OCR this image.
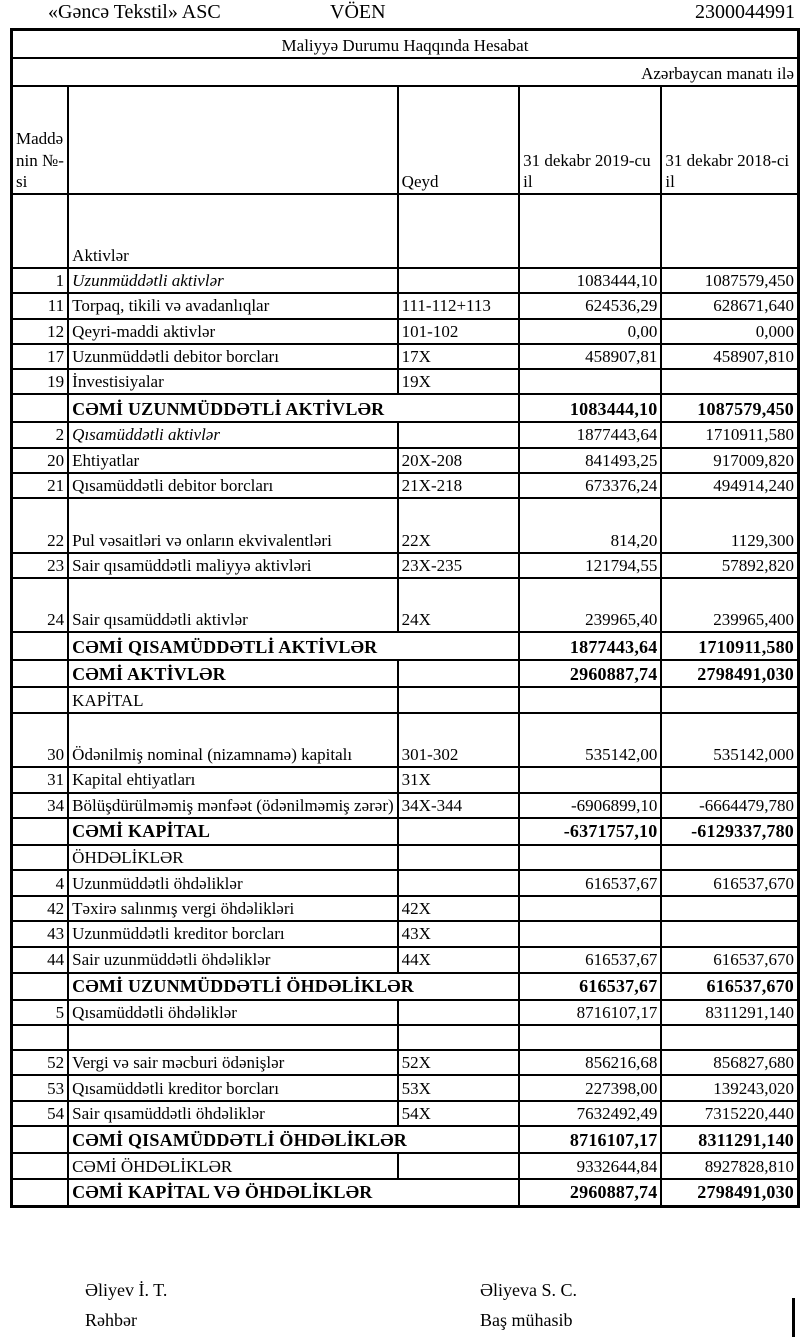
«Gəncə Tekstil» ASC	VÖEN	2300044991
Maliyyə Durumu Haqqında Hesabat				
Azərbaycan manatı ilə				
Maddənin №-si		Qeyd	31 dekabr 2019-cu il	31 dekabr 2018-ci il

	Aktivlər			

1	Uzunmüddətli aktivlər		1083444,10	1087579,450

11	Torpaq, tikili və avadanlıqlar	111-112+113	624536,29	628671,640

12	Qeyri-maddi aktivlər	101-102	0,00	0,000

17	Uzunmüddətli debitor borcları	17X	458907,81	458907,810

19	İnvestisiyalar	19X		

	CƏMİ UZUNMÜDDƏTLİ AKTİVLƏR		1083444,10	1087579,450

2	Qısamüddətli aktivlər		1877443,64	1710911,580

20	Ehtiyatlar	20X-208	841493,25	917009,820

21	Qısamüddətli debitor borcları	21X-218	673376,24	494914,240

22	Pul vəsaitləri və onların ekvivalentləri	22X	814,20	1129,300

23	Sair qısamüddətli maliyyə aktivləri	23X-235	121794,55	57892,820

24	Sair qısamüddətli aktivlər	24X	239965,40	239965,400

	CƏMİ QISAMÜDDƏTLİ AKTİVLƏR		1877443,64	1710911,580

	CƏMİ AKTİVLƏR		2960887,74	2798491,030

	KAPİTAL			

30	Ödənilmiş nominal (nizamnamə) kapitalı	301-302	535142,00	535142,000

31	Kapital ehtiyatları	31X		

34	Bölüşdürülməmiş mənfəət (ödənilməmiş zərər)	34X-344	-6906899,10	-6664479,780

	CƏMİ KAPİTAL		-6371757,10	-6129337,780

	ÖHDƏLİKLƏR			

4	Uzunmüddətli öhdəliklər		616537,67	616537,670

42	Təxirə salınmış vergi öhdəlikləri	42X		

43	Uzunmüddətli kreditor borcları	43X		

44	Sair uzunmüddətli öhdəliklər	44X	616537,67	616537,670

	CƏMİ UZUNMÜDDƏTLİ ÖHDƏLİKLƏR		616537,67	616537,670

5	Qısamüddətli öhdəliklər		8716107,17	8311291,140

52	Vergi və sair məcburi ödənişlər	52X	856216,68	856827,680

53	Qısamüddətli kreditor borcları	53X	227398,00	139243,020

54	Sair qısamüddətli öhdəliklər	54X	7632492,49	7315220,440

	CƏMİ QISAMÜDDƏTLİ ÖHDƏLİKLƏR		8716107,17	8311291,140

	CƏMİ ÖHDƏLİKLƏR		9332644,84	8927828,810

	CƏMİ KAPİTAL VƏ ÖHDƏLİKLƏR		2960887,74	2798491,030
Əliyev İ. T.
Rəhbər
Əliyeva S. C.
Baş mühasib
